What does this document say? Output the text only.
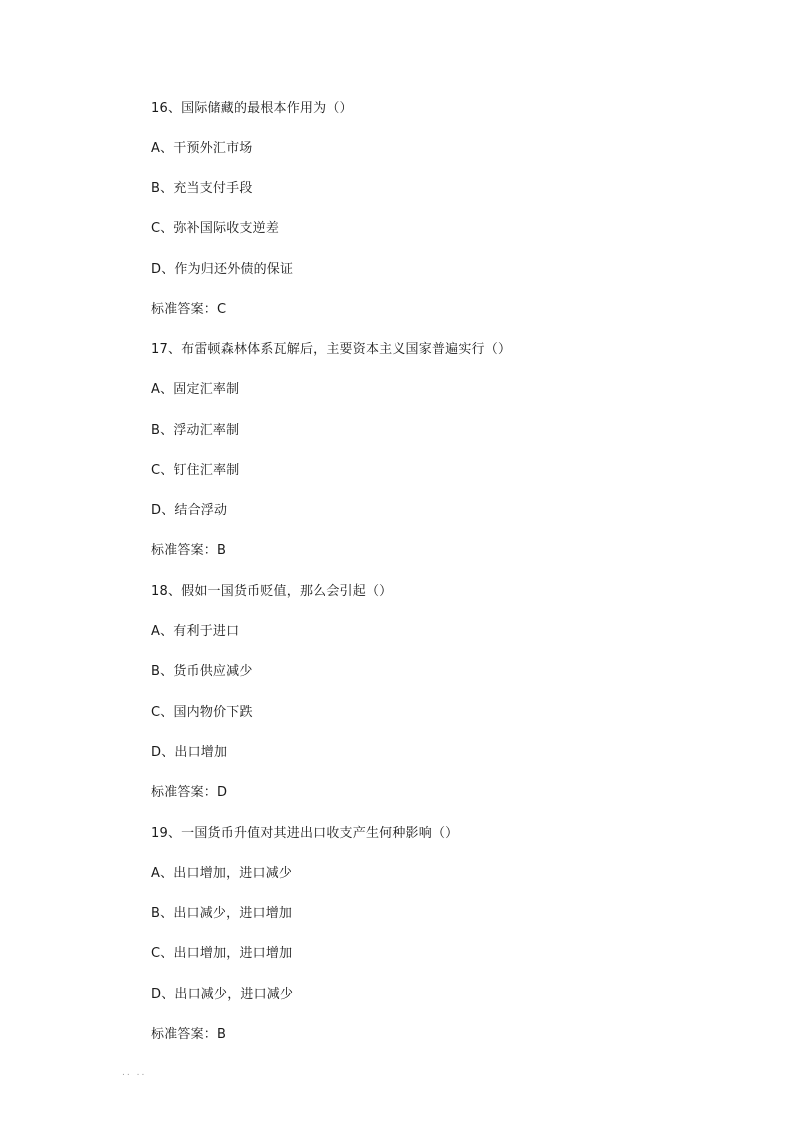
16、国际储藏的最根本作用为（）
A、干预外汇市场
B、充当支付手段
C、弥补国际收支逆差
D、作为归还外债的保证
标准答案：C
17、布雷顿森林体系瓦解后，主要资本主义国家普遍实行（）
A、固定汇率制
B、浮动汇率制
C、钉住汇率制
D、结合浮动
标准答案：B
18、假如一国货币贬值，那么会引起（）
A、有利于进口
B、货币供应减少
C、国内物价下跌
D、出口增加
标准答案：D
19、一国货币升值对其进出口收支产生何种影响（）
A、出口增加，进口减少
B、出口减少，进口增加
C、出口增加，进口增加
D、出口减少，进口减少
标准答案：B
.. ..
